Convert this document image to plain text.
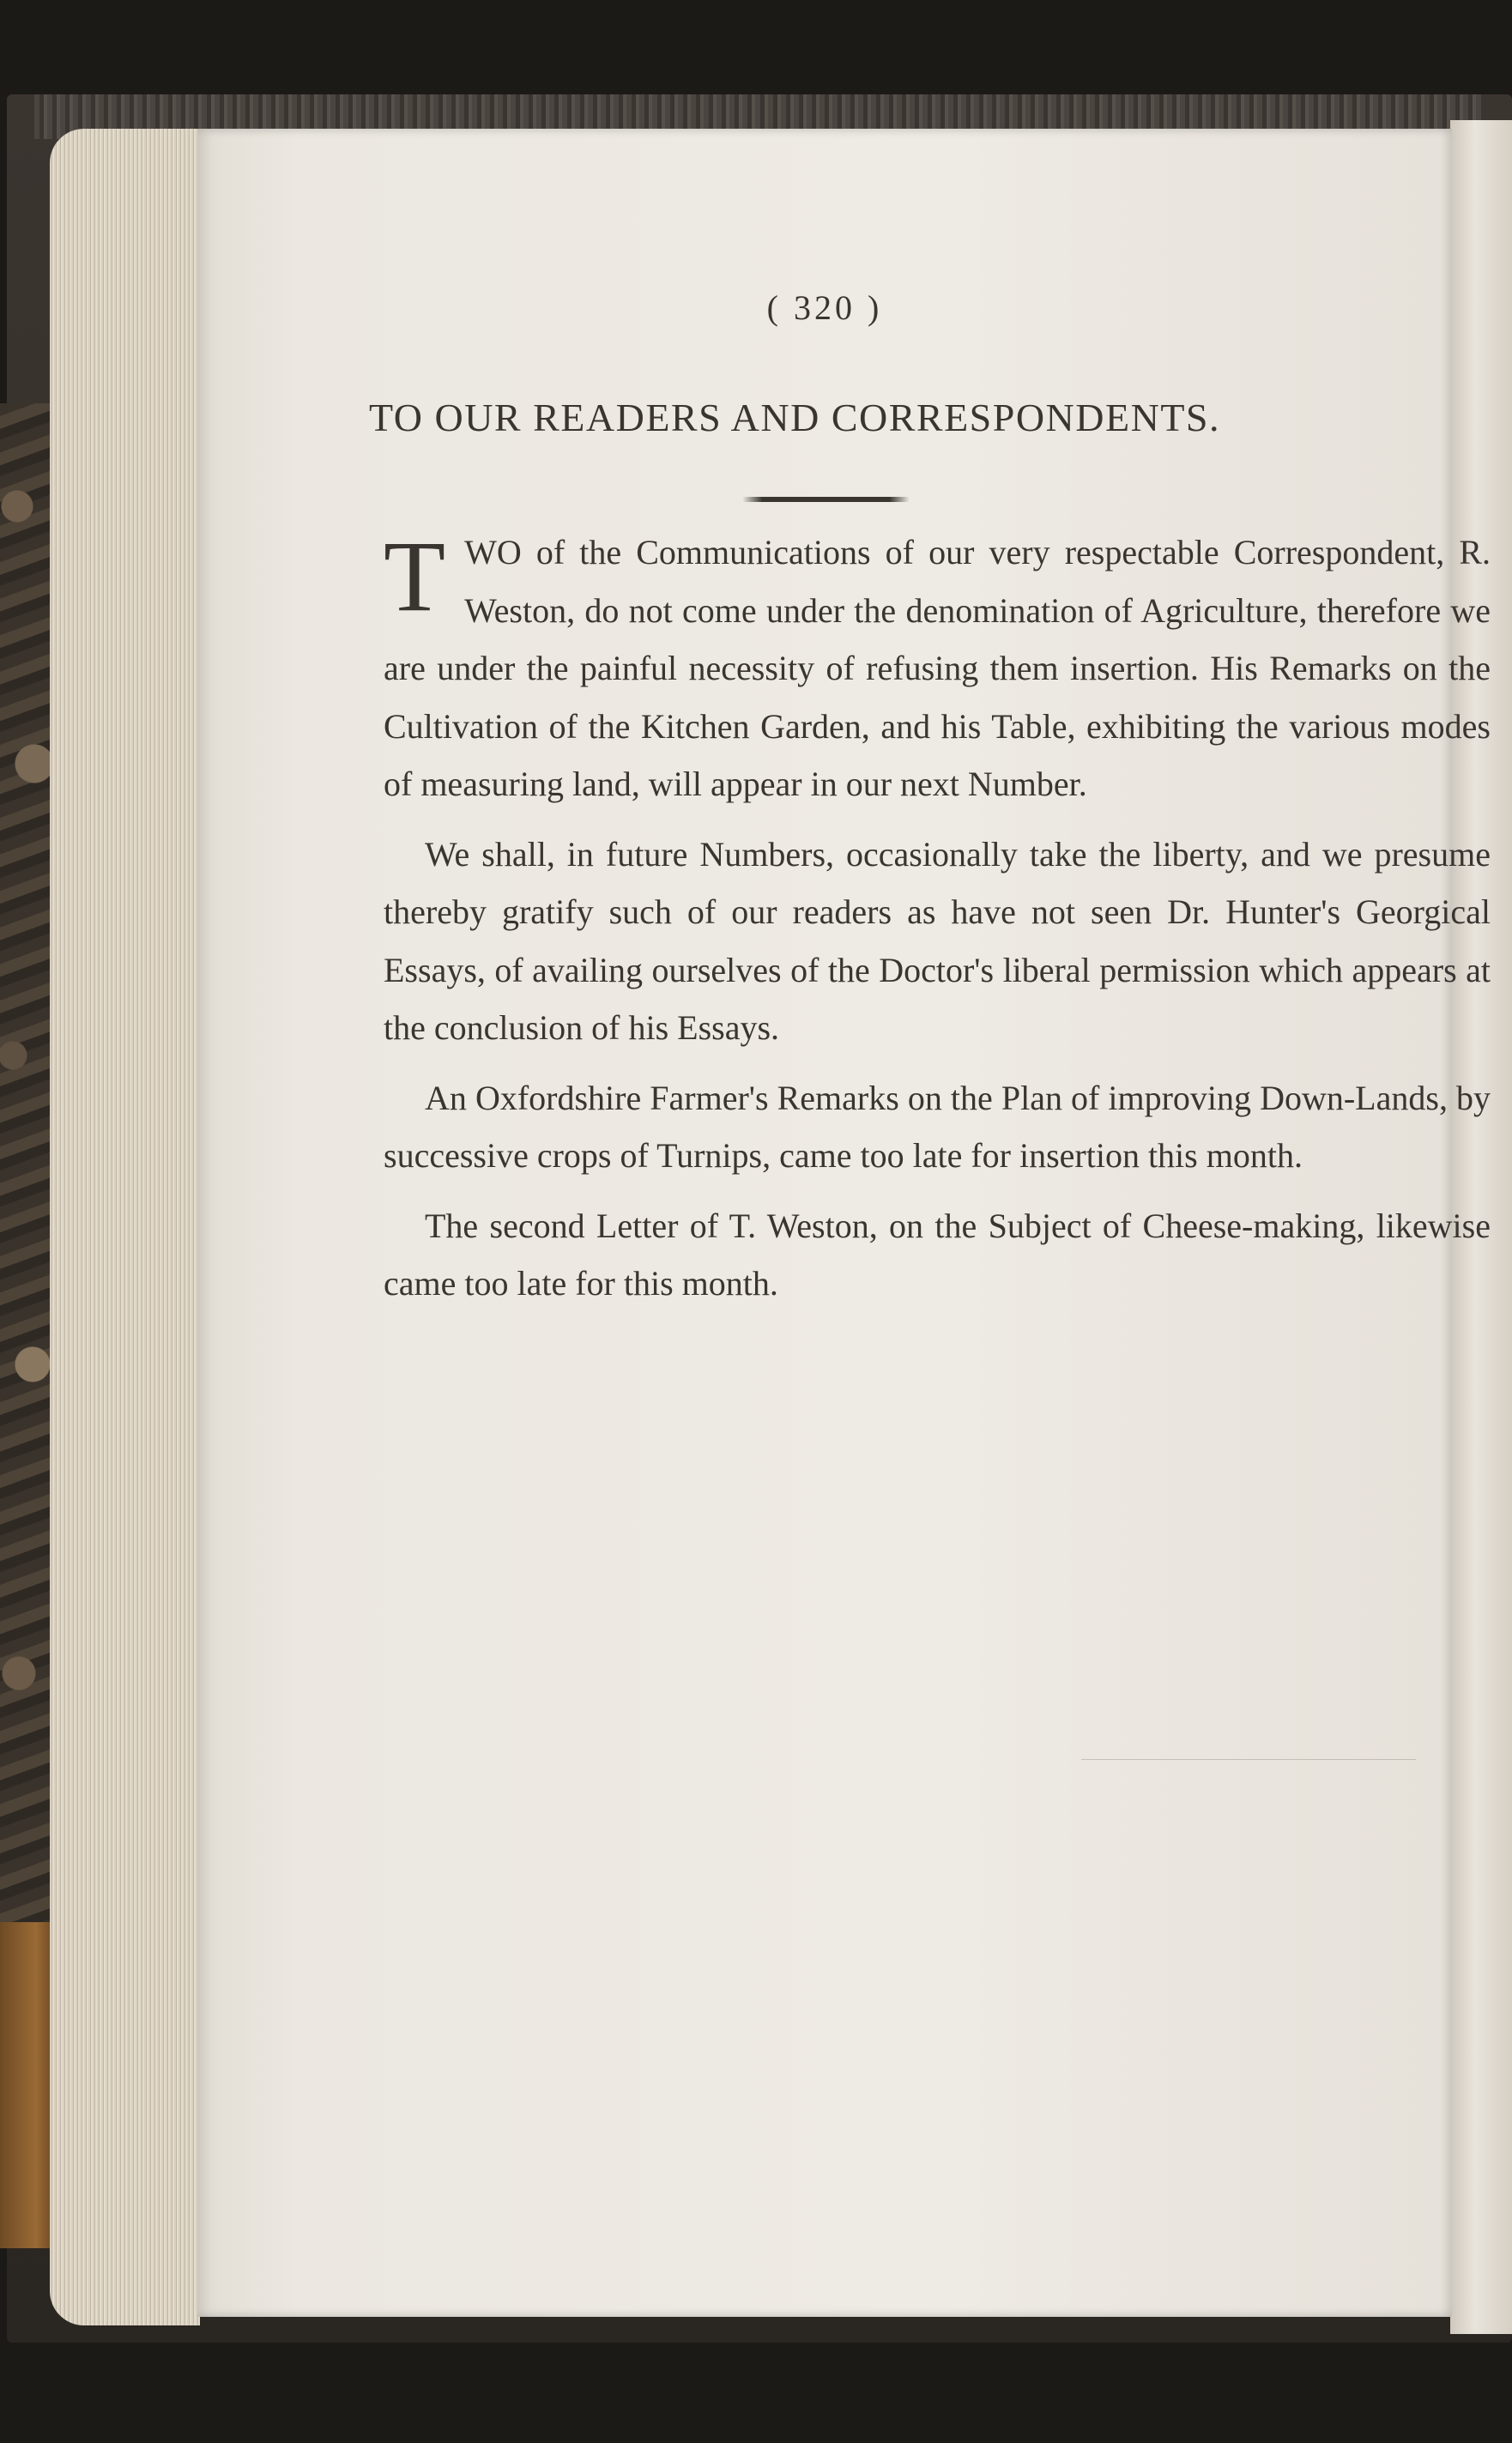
( 320 )
TO OUR READERS AND CORRESPONDENTS.

TWO of the Communications of our very respectable Correspondent, R. Weston, do not come under the denomination of Agriculture, therefore we are under the painful necessity of refusing them insertion. His Remarks on the Cultivation of the Kitchen Garden, and his Table, exhibiting the various modes of measuring land, will appear in our next Number.

We shall, in future Numbers, occasionally take the liberty, and we presume thereby gratify such of our readers as have not seen Dr. Hunter's Georgical Essays, of availing ourselves of the Doctor's liberal permission which appears at the conclusion of his Essays.

An Oxfordshire Farmer's Remarks on the Plan of improving Down-Lands, by successive crops of Turnips, came too late for insertion this month.

The second Letter of T. Weston, on the Subject of Cheese-making, likewise came too late for this month.
